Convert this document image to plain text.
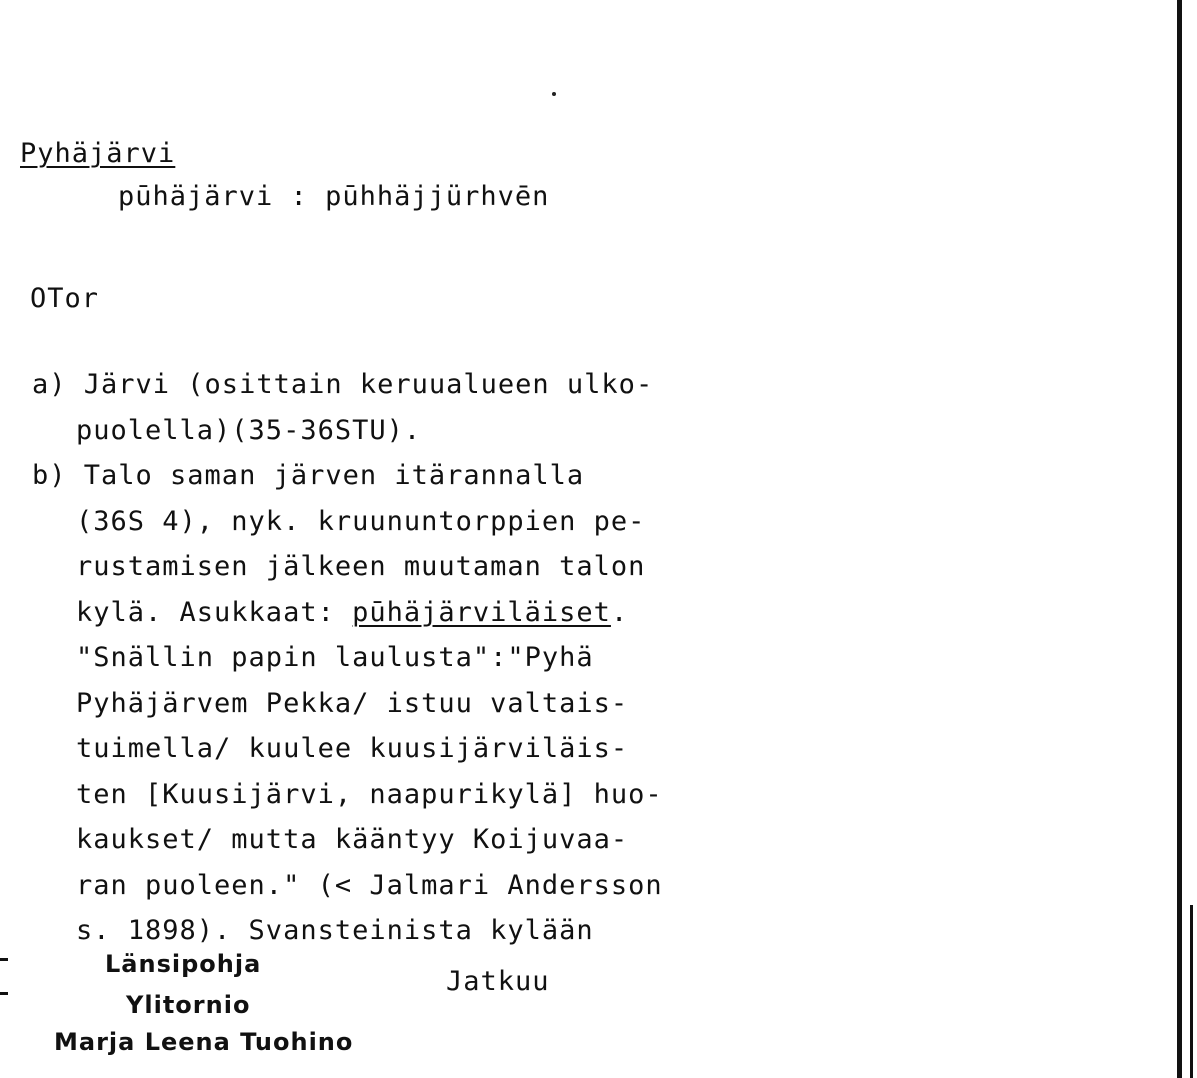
Pyhäjärvi
pūhäjärvi : pūhhäjjürhvēn
OTor
a) Järvi (osittain keruualueen ulko-
puolella)(35-36STU).
b) Talo saman järven itärannalla
(36S 4), nyk. kruununtorppien pe-
rustamisen jälkeen muutaman talon
kylä. Asukkaat: pūhäjärviläiset.
"Snällin papin laulusta":"Pyhä
Pyhäjärvem Pekka/ istuu valtais-
tuimella/ kuulee kuusijärviläis-
ten [Kuusijärvi, naapurikylä] huo-
kaukset/ mutta kääntyy Koijuvaa-
ran puoleen." (< Jalmari Andersson
s. 1898). Svansteinista kylään
Jatkuu
Länsipohja
Ylitornio
Marja Leena Tuohino
